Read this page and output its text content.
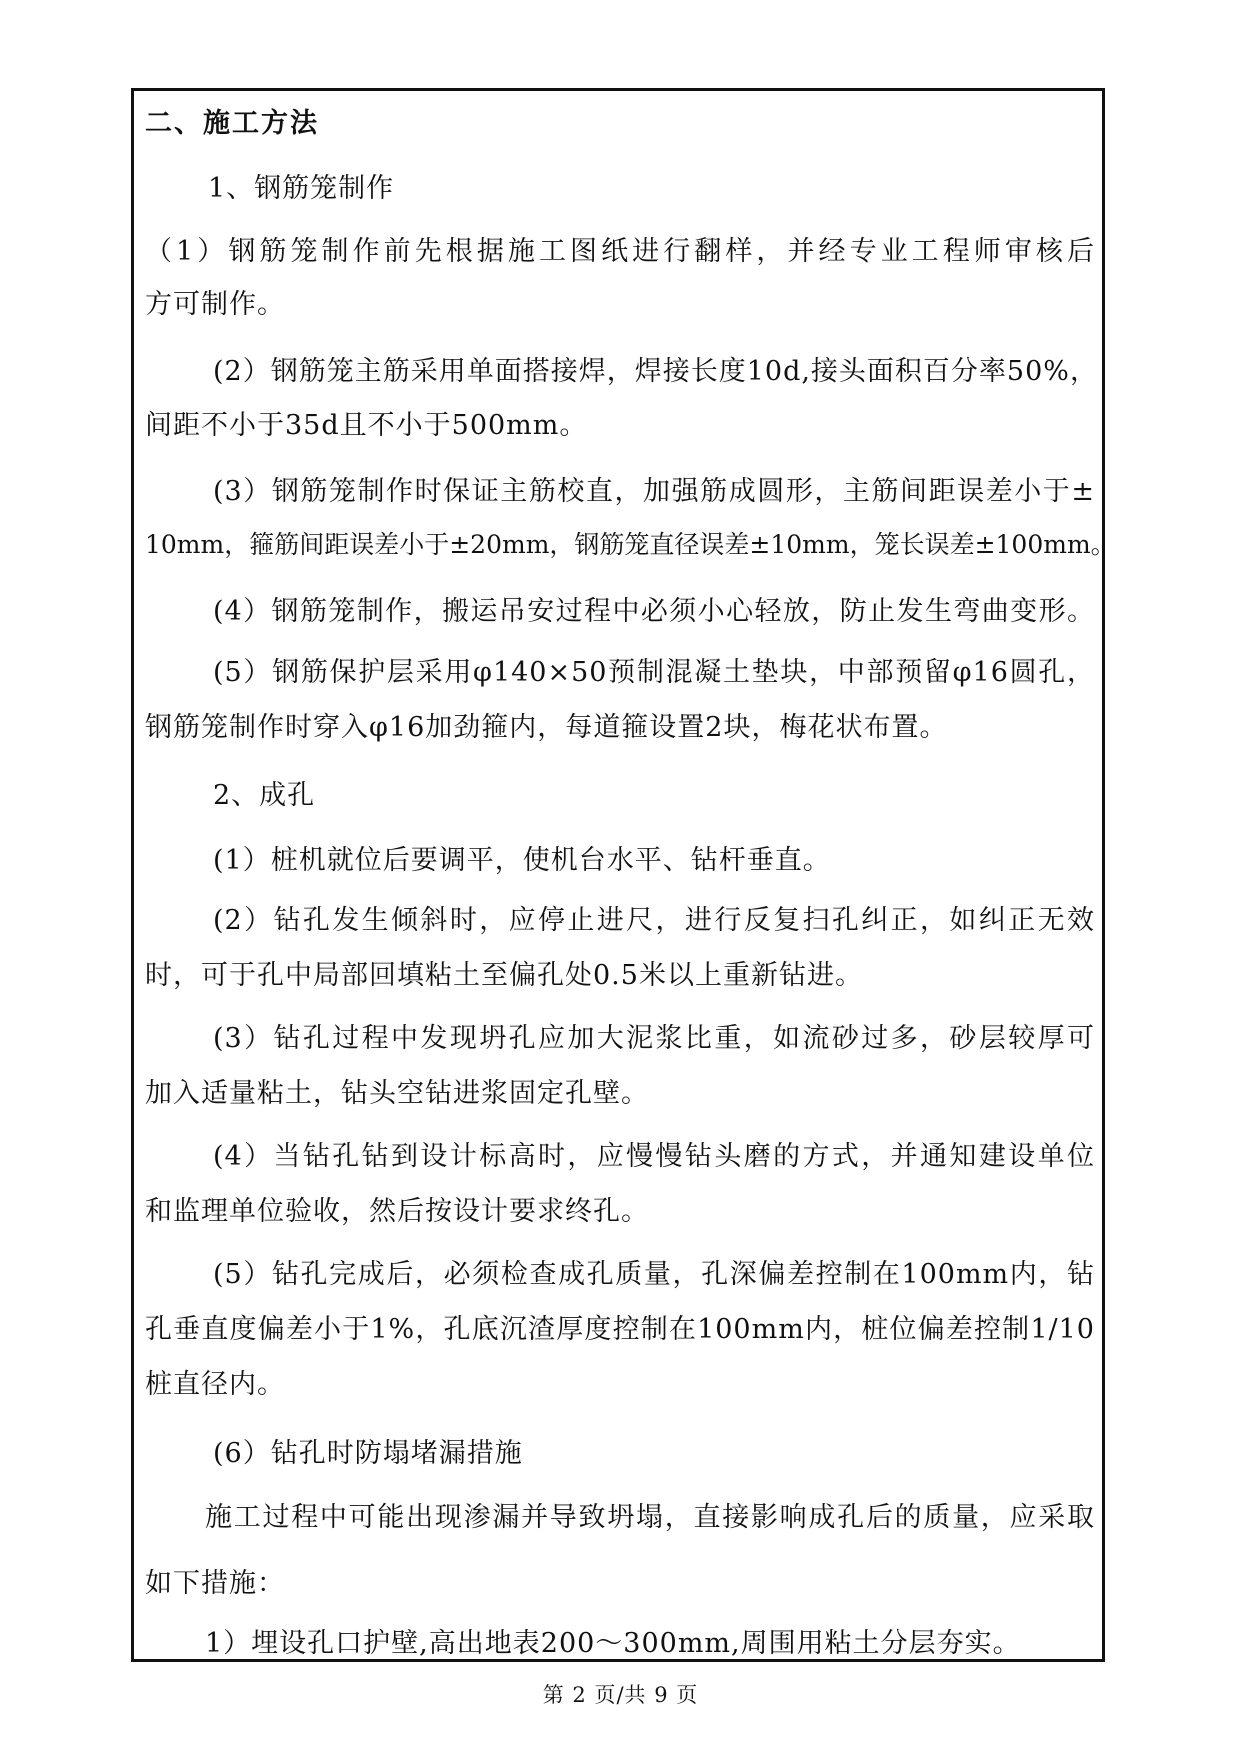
二、施工方法
1、钢筋笼制作
（1）钢筋笼制作前先根据施工图纸进行翻样，并经专业工程师审核后
方可制作。
(2）钢筋笼主筋采用单面搭接焊，焊接长度10d,接头面积百分率50%，
间距不小于35d且不小于500mm。
(3）钢筋笼制作时保证主筋校直，加强筋成圆形，主筋间距误差小于±
10mm，箍筋间距误差小于±20mm，钢筋笼直径误差±10mm，笼长误差±100mm。
(4）钢筋笼制作，搬运吊安过程中必须小心轻放，防止发生弯曲变形。
(5）钢筋保护层采用φ140×50预制混凝土垫块，中部预留φ16圆孔，
钢筋笼制作时穿入φ16加劲箍内，每道箍设置2块，梅花状布置。
2、成孔
(1）桩机就位后要调平，使机台水平、钻杆垂直。
(2）钻孔发生倾斜时，应停止进尺，进行反复扫孔纠正，如纠正无效
时，可于孔中局部回填粘土至偏孔处0.5米以上重新钻进。
(3）钻孔过程中发现坍孔应加大泥浆比重，如流砂过多，砂层较厚可
加入适量粘土，钻头空钻进浆固定孔壁。
(4）当钻孔钻到设计标高时，应慢慢钻头磨的方式，并通知建设单位
和监理单位验收，然后按设计要求终孔。
(5）钻孔完成后，必须检查成孔质量，孔深偏差控制在100mm内，钻
孔垂直度偏差小于1%，孔底沉渣厚度控制在100mm内，桩位偏差控制1/10
桩直径内。
(6）钻孔时防塌堵漏措施
施工过程中可能出现渗漏并导致坍塌，直接影响成孔后的质量，应采取
如下措施：
1）埋设孔口护壁,高出地表200～300mm,周围用粘土分层夯实。
第 2 页/共 9 页
